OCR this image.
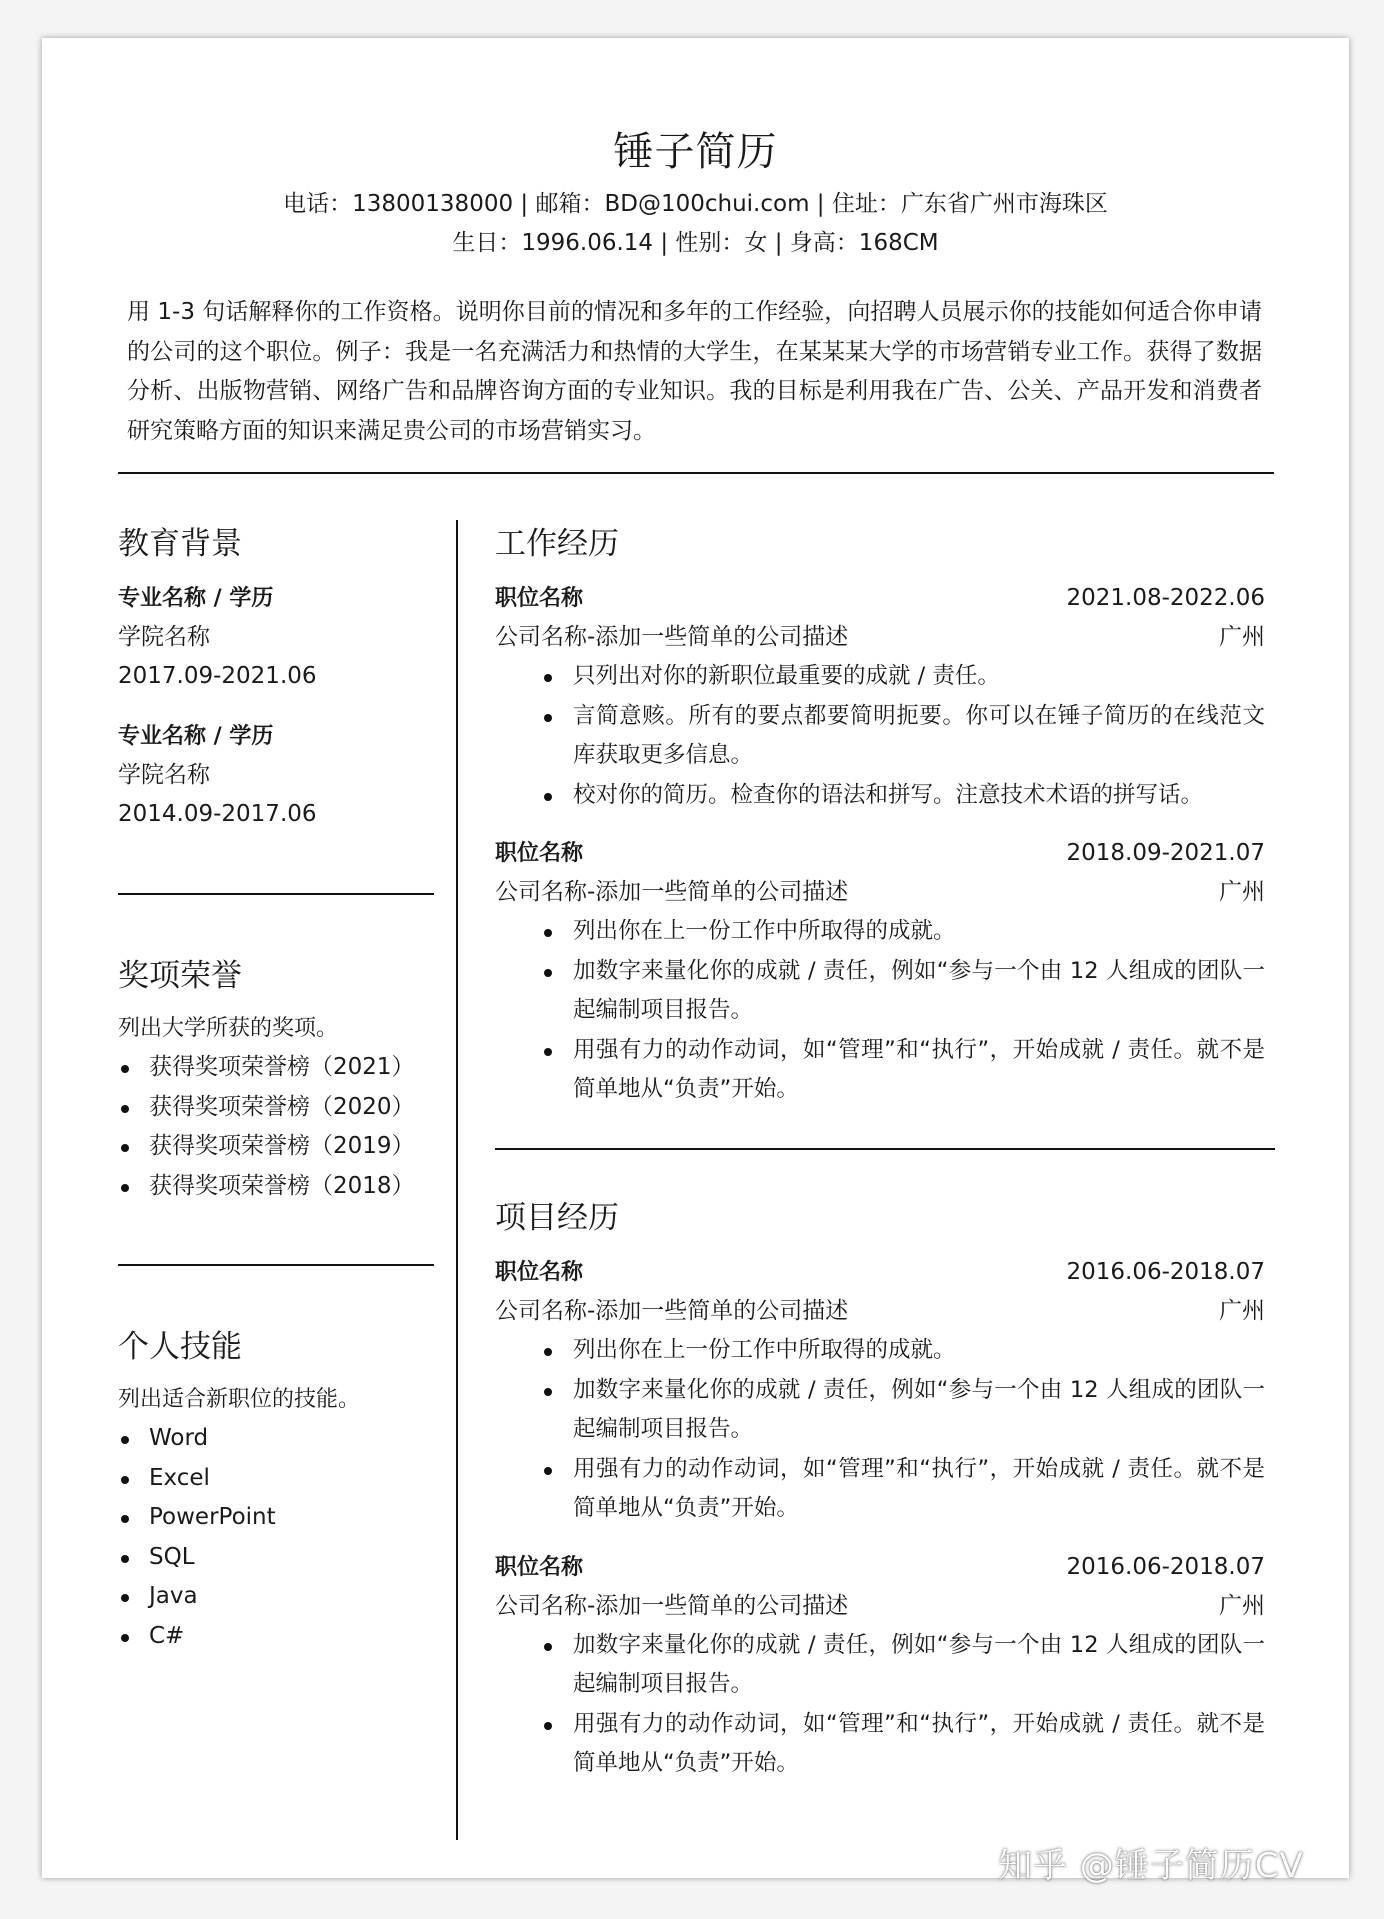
锤子简历
电话：13800138000 | 邮箱：BD@100chui.com | 住址：广东省广州市海珠区
生日：1996.06.14 | 性别：女 | 身高：168CM
用 1-3 句话解释你的工作资格。说明你目前的情况和多年的工作经验，向招聘人员展示你的技能如何适合你申请的公司的这个职位。例子：我是一名充满活力和热情的大学生，在某某某大学的市场营销专业工作。获得了数据分析、出版物营销、网络广告和品牌咨询方面的专业知识。我的目标是利用我在广告、公关、产品开发和消费者研究策略方面的知识来满足贵公司的市场营销实习。
教育背景

专业名称 / 学历

学院名称

2017.09-2021.06

专业名称 / 学历

学院名称

2014.09-2017.06

奖项荣誉

列出大学所获的奖项。

获得奖项荣誉榜（2021）
获得奖项荣誉榜（2020）
获得奖项荣誉榜（2019）
获得奖项荣誉榜（2018）
个人技能

列出适合新职位的技能。

Word
Excel
PowerPoint
SQL
Java
C#
工作经历
职位名称	2021.08-2022.06
公司名称-添加一些简单的公司描述	广州
只列出对你的新职位最重要的成就 / 责任。
言简意赅。所有的要点都要简明扼要。你可以在锤子简历的在线范文库获取更多信息。
校对你的简历。检查你的语法和拼写。注意技术术语的拼写话。
职位名称	2018.09-2021.07
公司名称-添加一些简单的公司描述	广州
列出你在上一份工作中所取得的成就。
加数字来量化你的成就 / 责任，例如“参与一个由 12 人组成的团队一起编制项目报告。
用强有力的动作动词，如“管理”和“执行”，开始成就 / 责任。就不是简单地从“负责”开始。
项目经历
职位名称	2016.06-2018.07
公司名称-添加一些简单的公司描述	广州
列出你在上一份工作中所取得的成就。
加数字来量化你的成就 / 责任，例如“参与一个由 12 人组成的团队一起编制项目报告。
用强有力的动作动词，如“管理”和“执行”，开始成就 / 责任。就不是简单地从“负责”开始。
职位名称	2016.06-2018.07
公司名称-添加一些简单的公司描述	广州
加数字来量化你的成就 / 责任，例如“参与一个由 12 人组成的团队一起编制项目报告。
用强有力的动作动词，如“管理”和“执行”，开始成就 / 责任。就不是简单地从“负责”开始。
知乎 @锤子简历CV
